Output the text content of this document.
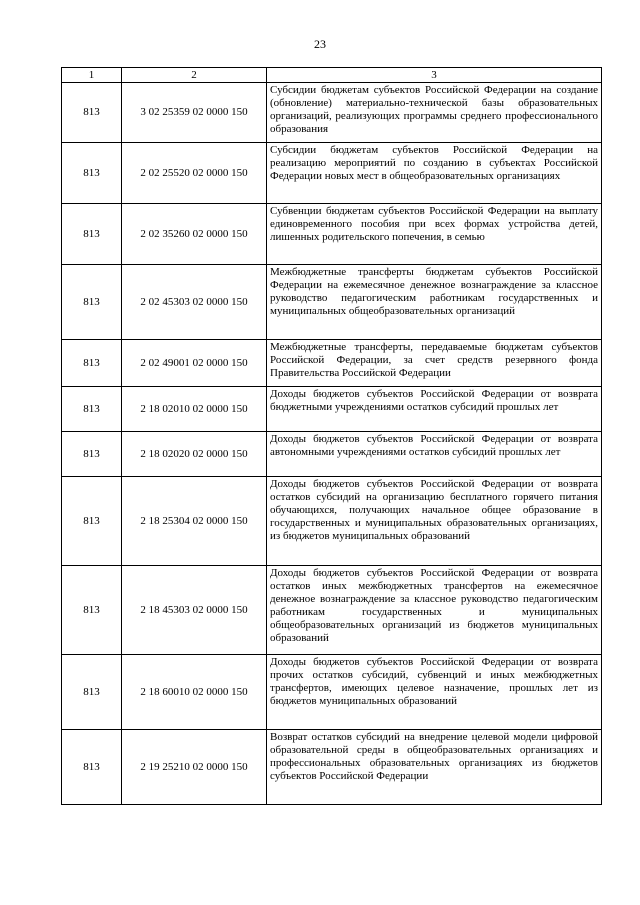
23
1	2	3
813	3 02 25359 02 0000 150	Субсидии бюджетам субъектов Российской Федерации на создание (обновление) материально-технической базы образовательных организаций, реализующих программы среднего профессионального образования
813	2 02 25520 02 0000 150	Субсидии бюджетам субъектов Российской Федерации на реализацию мероприятий по созданию в субъектах Российской Федерации новых мест в общеобразовательных организациях
813	2 02 35260 02 0000 150	Субвенции бюджетам субъектов Российской Федерации на выплату единовременного пособия при всех формах устройства детей, лишенных родительского попечения, в семью
813	2 02 45303 02 0000 150	Межбюджетные трансферты бюджетам субъектов Российской Федерации на ежемесячное денежное вознаграждение за классное руководство педагогическим работникам государственных и муниципальных общеобразовательных организаций
813	2 02 49001 02 0000 150	Межбюджетные трансферты, передаваемые бюджетам субъектов Российской Федерации, за счет средств резервного фонда Правительства Российской Федерации
813	2 18 02010 02 0000 150	Доходы бюджетов субъектов Российской Федерации от возврата бюджетными учреждениями остатков субсидий прошлых лет
813	2 18 02020 02 0000 150	Доходы бюджетов субъектов Российской Федерации от возврата автономными учреждениями остатков субсидий прошлых лет
813	2 18 25304 02 0000 150	Доходы бюджетов субъектов Российской Федерации от возврата остатков субсидий на организацию бесплатного горячего питания обучающихся, получающих начальное общее образование в государственных и муниципальных образовательных организациях, из бюджетов муниципальных образований
813	2 18 45303 02 0000 150	Доходы бюджетов субъектов Российской Федерации от возврата остатков иных межбюджетных трансфертов на ежемесячное денежное вознаграждение за классное руководство педагогическим работникам государственных и муниципальных общеобразовательных организаций из бюджетов муниципальных образований
813	2 18 60010 02 0000 150	Доходы бюджетов субъектов Российской Федерации от возврата прочих остатков субсидий, субвенций и иных межбюджетных трансфертов, имеющих целевое назначение, прошлых лет из бюджетов муниципальных образований
813	2 19 25210 02 0000 150	Возврат остатков субсидий на внедрение целевой модели цифровой образовательной среды в общеобразовательных организациях и профессиональных образовательных организациях из бюджетов субъектов Российской Федерации
